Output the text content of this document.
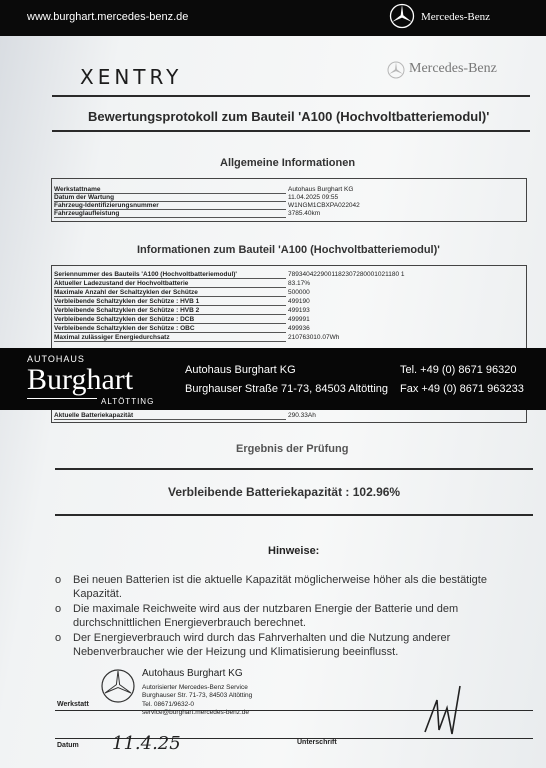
www.burghart.mercedes-benz.de	Mercedes-Benz
XENTRY	Mercedes-Benz
Bewertungsprotokoll zum Bauteil 'A100 (Hochvoltbatteriemodul)'
Allgemeine Informationen
Werkstattname	Autohaus Burghart KG
Datum der Wartung	11.04.2025 09:55
Fahrzeug-Identifizierungsnummer	W1NGM1CBXPA022042
Fahrzeuglaufleistung	3785.40km
Informationen zum Bauteil 'A100 (Hochvoltbatteriemodul)'
Seriennummer des Bauteils 'A100 (Hochvoltbatteriemodul)'	7893404229001182307280001021180 1
Aktueller Ladezustand der Hochvoltbatterie	83.17%
Maximale Anzahl der Schaltzyklen der Schütze	500000
Verbleibende Schaltzyklen der Schütze : HVB 1	499190
Verbleibende Schaltzyklen der Schütze : HVB 2	499193
Verbleibende Schaltzyklen der Schütze : DCB	499991
Verbleibende Schaltzyklen der Schütze : OBC	499936
Maximal zulässiger Energiedurchsatz	210763010.07Wh
Aktuelle Batteriekapazität	290.33Ah
AUTOHAUS
Burghart
ALTÖTTING
Autohaus Burghart KG
Burghauser Straße 71-73, 84503 Altötting
Tel. +49 (0) 8671 96320
Fax +49 (0) 8671 963233
Ergebnis der Prüfung
Verbleibende Batteriekapazität : 102.96%
Hinweise:
o Bei neuen Batterien ist die aktuelle Kapazität möglicherweise höher als die bestätigte Kapazität.
o Die maximale Reichweite wird aus der nutzbaren Energie der Batterie und dem durchschnittlichen Energieverbrauch berechnet.
o Der Energieverbrauch wird durch das Fahrverhalten und die Nutzung anderer Nebenverbraucher wie der Heizung und Klimatisierung beeinflusst.
Autohaus Burghart KG
Autorisierter Mercedes-Benz Service
Burghauser Str. 71-73, 84503 Altötting
Tel. 08671/9632-0
service@burghart.mercedes-benz.de
Werkstatt
Datum	Unterschrift
11.4.25
